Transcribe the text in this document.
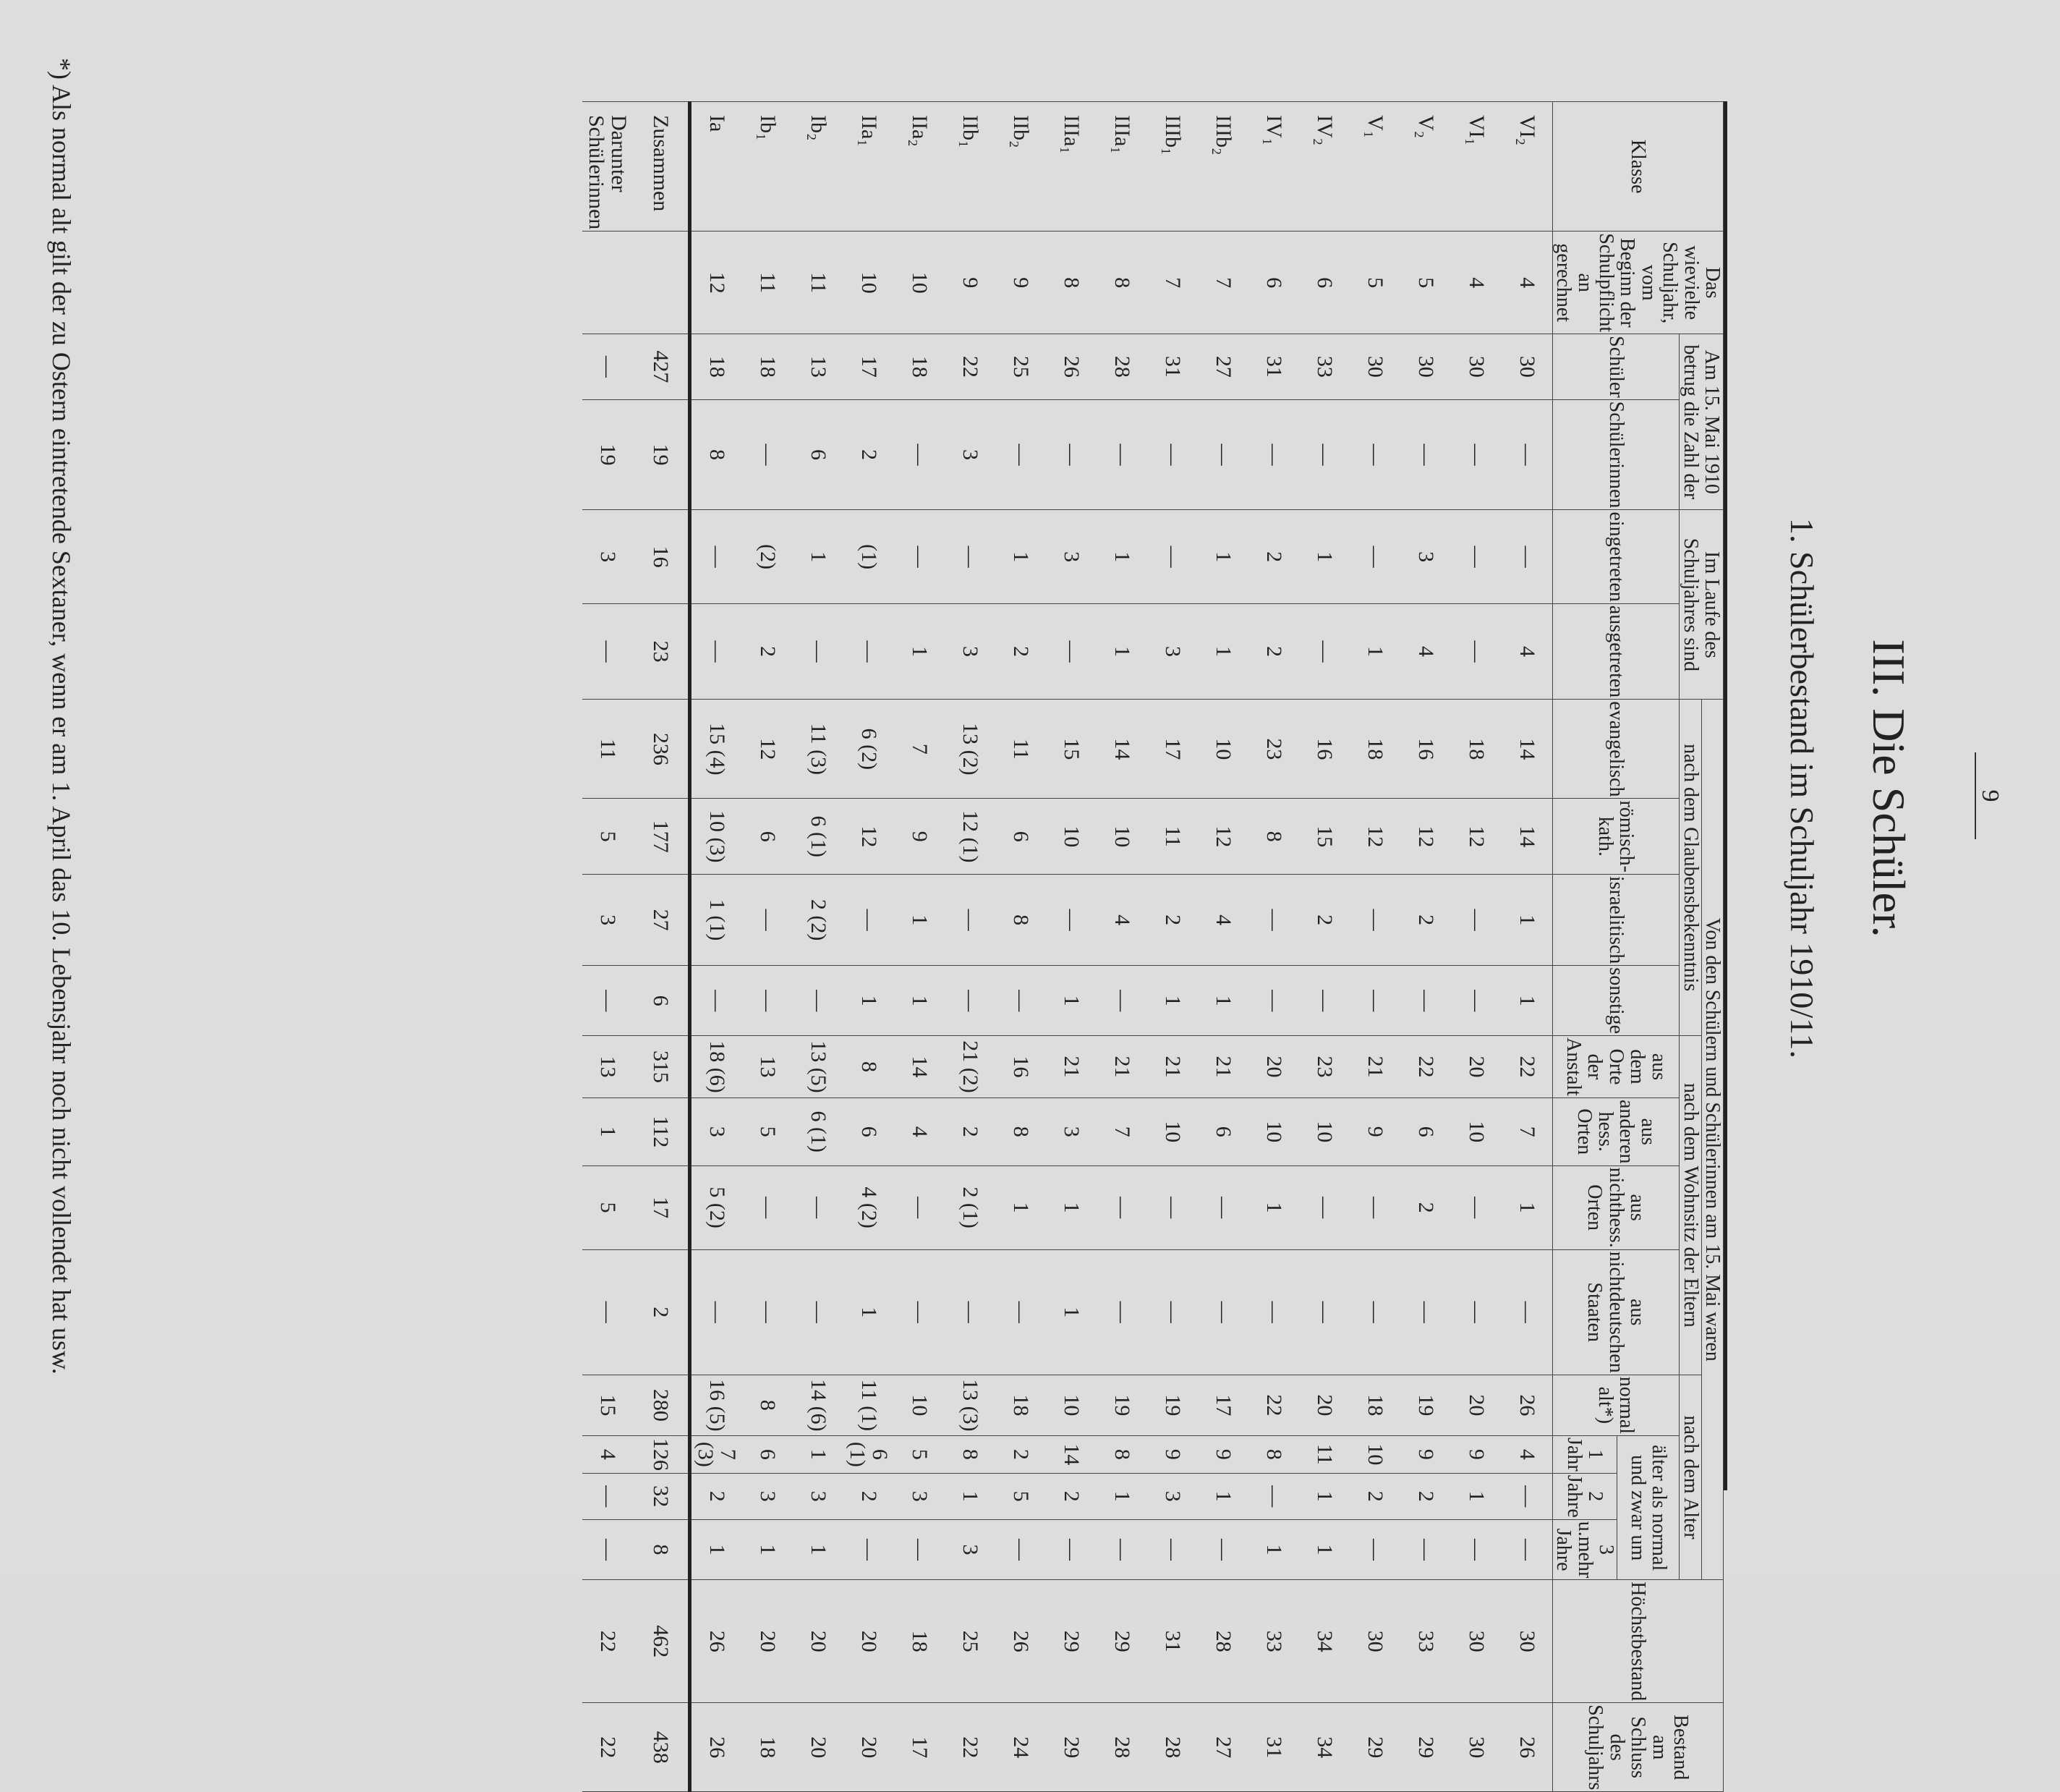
9
III. Die Schüler.
1. Schülerbestand im Schuljahr 1910/11.
Klasse	Das wievielte Schuljahr, vom Beginn der Schulpflicht an gerechnet	Am 15. Mai 1910 betrug die Zahl der		Im Laufe des Schuljahres sind		Von den Schülern und Schülerinnen am 15. Mai waren												Höchstbestand	Bestand am Schluss des Schuljahrs
						nach dem Glaubensbekenntnis				nach dem Wohnsitz der Eltern				nach dem Alter					
		Schüler	Schülerinnen	eingetreten	ausgetreten	evangelisch	römisch-kath.	israelitisch	sonstige	aus dem Orte der Anstalt	aus anderen hess. Orten	aus nichthess. Orten	aus nichtdeutschen Staaten	normal alt*)	älter als normal und zwar um				
															1 Jahr	2 Jahre	3 u.mehr Jahre		
VI₂	4	30	—	—	4	14	14	1	1	22	7	1	—	26	4	—	—	30	26
VI₁	4	30	—	—	—	18	12	—	—	20	10	—	—	20	9	1	—	30	30
V₂	5	30	—	3	4	16	12	2	—	22	6	2	—	19	9	2	—	33	29
V₁	5	30	—	—	1	18	12	—	—	21	9	—	—	18	10	2	—	30	29
IV₂	6	33	—	1	—	16	15	2	—	23	10	—	—	20	11	1	1	34	34
IV₁	6	31	—	2	2	23	8	—	—	20	10	1	—	22	8	—	1	33	31
IIIb₂	7	27	—	1	1	10	12	4	1	21	6	—	—	17	9	1	—	28	27
IIIb₁	7	31	—	—	3	17	11	2	1	21	10	—	—	19	9	3	—	31	28
IIIa₁	8	28	—	1	1	14	10	4	—	21	7	—	—	19	8	1	—	29	28
IIIa₁	8	26	—	3	—	15	10	—	1	21	3	1	1	10	14	2	—	29	29
IIb₂	9	25	—	1	2	11	6	8	—	16	8	1	—	18	2	5	—	26	24
IIb₁	9	22	3	—	3	13 (2)	12 (1)	—	—	21 (2)	2	2 (1)	—	13 (3)	8	1	3	25	22
IIa₂	10	18	—	—	1	7	9	1	1	14	4	—	—	10	5	3	—	18	17
IIa₁	10	17	2	(1)	—	6 (2)	12	—	1	8	6	4 (2)	1	11 (1)	6 (1)	2	—	20	20
Ib₂	11	13	6	1	—	11 (3)	6 (1)	2 (2)	—	13 (5)	6 (1)	—	—	14 (6)	1	3	1	20	20
Ib₁	11	18	—	(2)	2	12	6	—	—	13	5	—	—	8	6	3	1	20	18
Ia	12	18	8	—	—	15 (4)	10 (3)	1 (1)	—	18 (6)	3	5 (2)	—	16 (5)	7 (3)	2	1	26	26
Zusammen		427	19	16	23	236	177	27	6	315	112	17	2	280	126	32	8	462	438
Darunter Schülerinnen		—	19	3	—	11	5	3	—	13	1	5	—	15	4	—	—	22	22
*) Als normal alt gilt der zu Ostern eintretende Sextaner, wenn er am 1. April das 10. Lebensjahr noch nicht vollendet hat usw.
